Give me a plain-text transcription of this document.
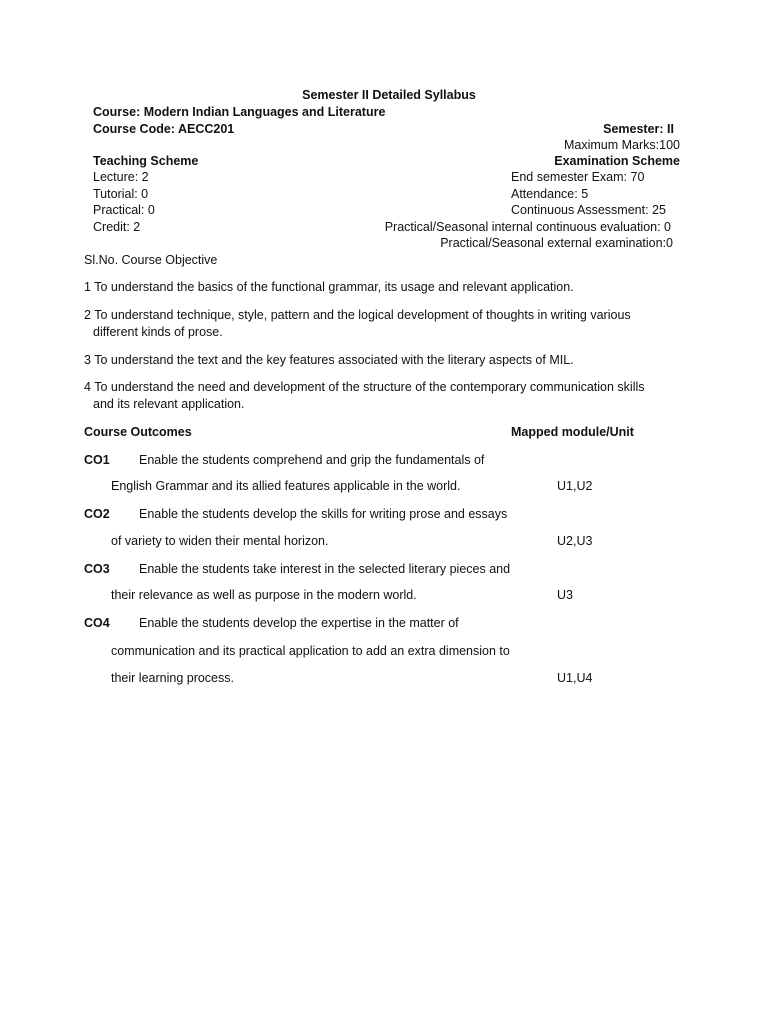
Semester II Detailed Syllabus
Course: Modern Indian Languages and Literature
Course Code: AECC201	Semester: II
Maximum Marks:100
Teaching Scheme
Lecture: 2
Tutorial: 0
Practical: 0
Credit: 2
Examination Scheme
End semester Exam: 70
Attendance: 5
Continuous Assessment: 25
Practical/Seasonal internal continuous evaluation: 0
Practical/Seasonal external examination:0
Sl.No. Course Objective
1 To understand the basics of the functional grammar, its usage and relevant application.
2 To understand technique, style, pattern and the logical development of thoughts in writing various
different kinds of prose.
3 To understand the text and the key features associated with the literary aspects of MIL.
4 To understand the need and development of the structure of the contemporary communication skills
and its relevant application.
Course Outcomes	Mapped module/Unit
CO1 Enable the students comprehend and grip the fundamentals of
English Grammar and its allied features applicable in the world.	U1,U2
CO2 Enable the students develop the skills for writing prose and essays
of variety to widen their mental horizon.	U2,U3
CO3 Enable the students take interest in the selected literary pieces and
their relevance as well as purpose in the modern world.	U3
CO4 Enable the students develop the expertise in the matter of
communication and its practical application to add an extra dimension to
their learning process.	U1,U4
